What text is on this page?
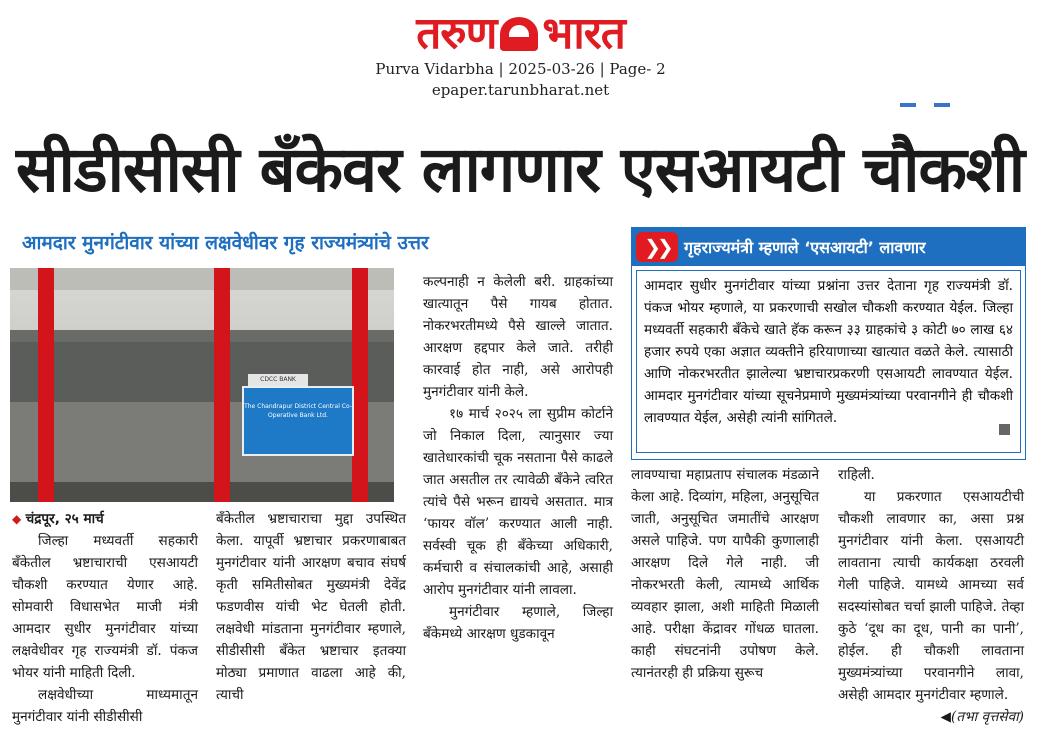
तरुण भारत
Purva Vidarbha | 2025-03-26 | Page- 2
epaper.tarunbharat.net
सीडीसीसी बँकेवर लागणार एसआयटी चौकशी
आमदार मुनगंटीवार यांच्या लक्षवेधीवर गृह राज्यमंत्र्यांचे उत्तर
CDCC BANK
The Chandrapur District Central Co-Operative Bank Ltd.

◆ चंद्रपूर, २५ मार्च

जिल्हा मध्यवर्ती सहकारी बँकेतील भ्रष्टाचाराची एसआयटी चौकशी करण्यात येणार आहे. सोमवारी विधासभेत माजी मंत्री आमदार सुधीर मुनगंटीवार यांच्या लक्षवेधीवर गृह राज्यमंत्री डॉ. पंकज भोयर यांनी माहिती दिली.

लक्षवेधीच्या माध्यमातून मुनगंटीवार यांनी सीडीसीसी

बँकेतील भ्रष्टाचाराचा मुद्दा उपस्थित केला. यापूर्वी भ्रष्टाचार प्रकरणाबाबत मुनगंटीवार यांनी आरक्षण बचाव संघर्ष कृती समितीसोबत मुख्यमंत्री देवेंद्र फडणवीस यांची भेट घेतली होती. लक्षवेधी मांडताना मुनगंटीवार म्हणाले, सीडीसीसी बँकेत भ्रष्टाचार इतक्या मोठ्या प्रमाणात वाढला आहे की, त्याची

कल्पनाही न केलेली बरी. ग्राहकांच्या खात्यातून पैसे गायब होतात. नोकरभरतीमध्ये पैसे खाल्ले जातात. आरक्षण हद्दपार केले जाते. तरीही कारवाई होत नाही, असे आरोपही मुनगंटीवार यांनी केले.

१७ मार्च २०२५ ला सुप्रीम कोर्टाने जो निकाल दिला, त्यानुसार ज्या खातेधारकांची चूक नसताना पैसे काढले जात असतील तर त्यावेळी बँकेने त्वरित त्यांचे पैसे भरून द्यायचे असतात. मात्र ‘फायर वॉल’ करण्यात आली नाही. सर्वस्वी चूक ही बँकेच्या अधिकारी, कर्मचारी व संचालकांची आहे, असाही आरोप मुनगंटीवार यांनी लावला.

मुनगंटीवार म्हणाले, जिल्हा बँकेमध्ये आरक्षण धुडकावून

❯❯ गृहराज्यमंत्री म्हणाले ‘एसआयटी’ लावणार

आमदार सुधीर मुनगंटीवार यांच्या प्रश्नांना उत्तर देताना गृह राज्यमंत्री डॉ. पंकज भोयर म्हणाले, या प्रकरणाची सखोल चौकशी करण्यात येईल. जिल्हा मध्यवर्ती सहकारी बँकेचे खाते हॅक करून ३३ ग्राहकांचे ३ कोटी ७० लाख ६४ हजार रुपये एका अज्ञात व्यक्तीने हरियाणाच्या खात्यात वळते केले. त्यासाठी आणि नोकरभरतीत झालेल्या भ्रष्टाचारप्रकरणी एसआयटी लावण्यात येईल. आमदार मुनगंटीवार यांच्या सूचनेप्रमाणे मुख्यमंत्र्यांच्या परवानगीने ही चौकशी लावण्यात येईल, असेही त्यांनी सांगितले.

लावण्याचा महाप्रताप संचालक मंडळाने केला आहे. दिव्यांग, महिला, अनुसूचित जाती, अनुसूचित जमातींचे आरक्षण असले पाहिजे. पण यापैकी कुणालाही आरक्षण दिले गेले नाही. जी नोकरभरती केली, त्यामध्ये आर्थिक व्यवहार झाला, अशी माहिती मिळाली आहे. परीक्षा केंद्रावर गोंधळ घातला. काही संघटनांनी उपोषण केले. त्यानंतरही ही प्रक्रिया सुरूच

राहिली.

या प्रकरणात एसआयटीची चौकशी लावणार का, असा प्रश्न मुनगंटीवार यांनी केला. एसआयटी लावताना त्याची कार्यकक्षा ठरवली गेली पाहिजे. यामध्ये आमच्या सर्व सदस्यांसोबत चर्चा झाली पाहिजे. तेव्हा कुठे ‘दूध का दूध, पानी का पानी’, होईल. ही चौकशी लावताना मुख्यमंत्र्यांच्या परवानगीने लावा, असेही आमदार मुनगंटीवार म्हणाले.

◀(तभा वृत्तसेवा)
